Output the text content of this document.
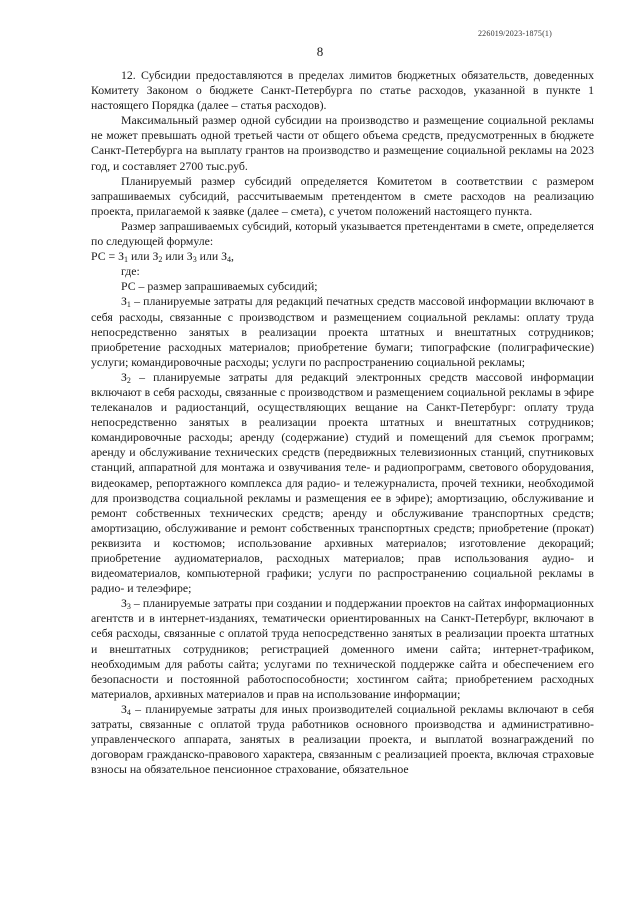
226019/2023-1875(1)
8

12. Субсидии предоставляются в пределах лимитов бюджетных обязательств, доведенных Комитету Законом о бюджете Санкт-Петербурга по статье расходов, указанной в пункте 1 настоящего Порядка (далее – статья расходов).

Максимальный размер одной субсидии на производство и размещение социальной рекламы не может превышать одной третьей части от общего объема средств, предусмотренных в бюджете Санкт-Петербурга на выплату грантов на производство и размещение социальной рекламы на 2023 год, и составляет 2700 тыс.руб.

Планируемый размер субсидий определяется Комитетом в соответствии с размером запрашиваемых субсидий, рассчитываемым претендентом в смете расходов на реализацию проекта, прилагаемой к заявке (далее – смета), с учетом положений настоящего пункта.

Размер запрашиваемых субсидий, который указывается претендентами в смете, определяется по следующей формуле:

РС = $З_1$ или $З_2$ или $З_3$ или $З_4$,

где:

РС – размер запрашиваемых субсидий;

$З_1$ – планируемые затраты для редакций печатных средств массовой информации включают в себя расходы, связанные с производством и размещением социальной рекламы: оплату труда непосредственно занятых в реализации проекта штатных и внештатных сотрудников; приобретение расходных материалов; приобретение бумаги; типографские (полиграфические) услуги; командировочные расходы; услуги по распространению социальной рекламы;

$З_2$ – планируемые затраты для редакций электронных средств массовой информации включают в себя расходы, связанные с производством и размещением социальной рекламы в эфире телеканалов и радиостанций, осуществляющих вещание на Санкт-Петербург: оплату труда непосредственно занятых в реализации проекта штатных и внештатных сотрудников; командировочные расходы; аренду (содержание) студий и помещений для съемок программ; аренду и обслуживание технических средств (передвижных телевизионных станций, спутниковых станций, аппаратной для монтажа и озвучивания теле- и радиопрограмм, светового оборудования, видеокамер, репортажного комплекса для радио- и тележурналиста, прочей техники, необходимой для производства социальной рекламы и размещения ее в эфире); амортизацию, обслуживание и ремонт собственных технических средств; аренду и обслуживание транспортных средств; амортизацию, обслуживание и ремонт собственных транспортных средств; приобретение (прокат) реквизита и костюмов; использование архивных материалов; изготовление декораций; приобретение аудиоматериалов, расходных материалов; прав использования аудио- и видеоматериалов, компьютерной графики; услуги по распространению социальной рекламы в радио- и телеэфире;

$З_3$ – планируемые затраты при создании и поддержании проектов на сайтах информационных агентств и в интернет-изданиях, тематически ориентированных на Санкт-Петербург, включают в себя расходы, связанные с оплатой труда непосредственно занятых в реализации проекта штатных и внештатных сотрудников; регистрацией доменного имени сайта; интернет-трафиком, необходимым для работы сайта; услугами по технической поддержке сайта и обеспечением его безопасности и постоянной работоспособности; хостингом сайта; приобретением расходных материалов, архивных материалов и прав на использование информации;

$З_4$ – планируемые затраты для иных производителей социальной рекламы включают в себя затраты, связанные с оплатой труда работников основного производства и административно-управленческого аппарата, занятых в реализации проекта, и выплатой вознаграждений по договорам гражданско-правового характера, связанным с реализацией проекта, включая страховые взносы на обязательное пенсионное страхование, обязательное
